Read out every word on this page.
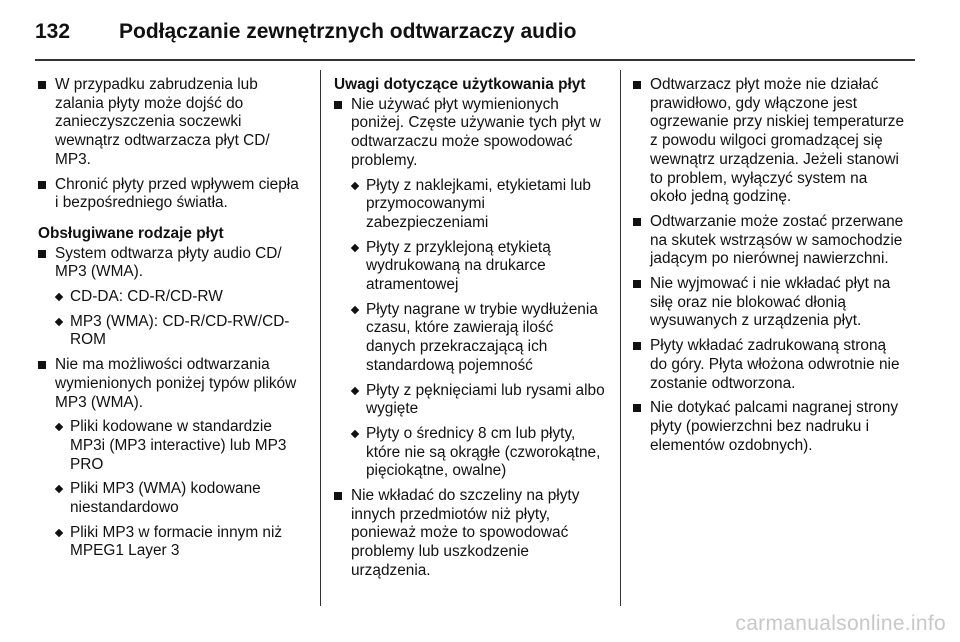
132 Podłączanie zewnętrznych odtwarzaczy audio
W przypadku zabrudzenia lub zalania płyty może dojść do zanieczyszczenia soczewki wewnątrz odtwarzacza płyt CD/ MP3.
Chronić płyty przed wpływem ciepła i bezpośredniego światła.
Obsługiwane rodzaje płyt
System odtwarza płyty audio CD/ MP3 (WMA).
CD-DA: CD-R/CD-RW
MP3 (WMA): CD-R/CD-RW/CD-ROM
Nie ma możliwości odtwarzania wymienionych poniżej typów plików MP3 (WMA).
Pliki kodowane w standardzie MP3i (MP3 interactive) lub MP3 PRO
Pliki MP3 (WMA) kodowane niestandardowo
Pliki MP3 w formacie innym niż MPEG1 Layer 3
Uwagi dotyczące użytkowania płyt
Nie używać płyt wymienionych poniżej. Częste używanie tych płyt w odtwarzaczu może spowodować problemy.
Płyty z naklejkami, etykietami lub przymocowanymi zabezpieczeniami
Płyty z przyklejoną etykietą wydrukowaną na drukarce atramentowej
Płyty nagrane w trybie wydłużenia czasu, które zawierają ilość danych przekraczającą ich standardową pojemność
Płyty z pęknięciami lub rysami albo wygięte
Płyty o średnicy 8 cm lub płyty, które nie są okrągłe (czworokątne, pięciokątne, owalne)
Nie wkładać do szczeliny na płyty innych przedmiotów niż płyty, ponieważ może to spowodować problemy lub uszkodzenie urządzenia.
Odtwarzacz płyt może nie działać prawidłowo, gdy włączone jest ogrzewanie przy niskiej temperaturze z powodu wilgoci gromadzącej się wewnątrz urządzenia. Jeżeli stanowi to problem, wyłączyć system na około jedną godzinę.
Odtwarzanie może zostać przerwane na skutek wstrząsów w samochodzie jadącym po nierównej nawierzchni.
Nie wyjmować i nie wkładać płyt na siłę oraz nie blokować dłonią wysuwanych z urządzenia płyt.
Płyty wkładać zadrukowaną stroną do góry. Płyta włożona odwrotnie nie zostanie odtworzona.
Nie dotykać palcami nagranej strony płyty (powierzchni bez nadruku i elementów ozdobnych).
carmanualsonline.info
